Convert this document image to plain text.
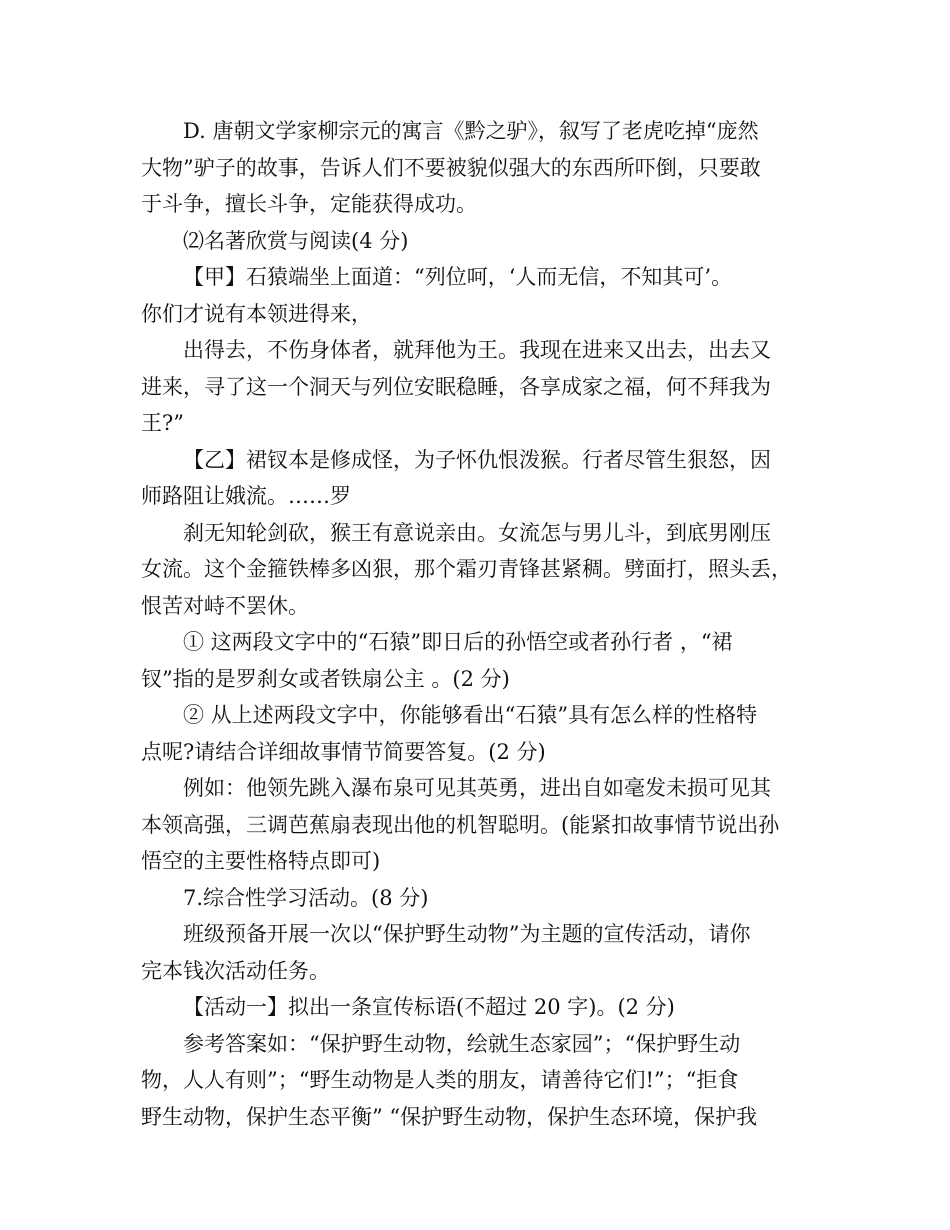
D. 唐朝文学家柳宗元的寓言《黔之驴》，叙写了老虎吃掉“庞然
大物”驴子的故事，告诉人们不要被貌似强大的东西所吓倒，只要敢
于斗争，擅长斗争，定能获得成功。
⑵名著欣赏与阅读(4 分)
【甲】石猿端坐上面道：“列位呵，‘人而无信，不知其可’。
你们才说有本领进得来，
出得去，不伤身体者，就拜他为王。我现在进来又出去，出去又
进来，寻了这一个洞天与列位安眠稳睡，各享成家之福，何不拜我为
王?”
【乙】裙钗本是修成怪，为子怀仇恨泼猴。行者尽管生狠怒，因
师路阻让娥流。……罗
刹无知轮剑砍，猴王有意说亲由。女流怎与男儿斗，到底男刚压
女流。这个金箍铁棒多凶狠，那个霜刃青锋甚紧稠。劈面打，照头丢，
恨苦对峙不罢休。
① 这两段文字中的“石猿”即日后的孙悟空或者孙行者 ，“裙
钗”指的是罗刹女或者铁扇公主 。(2 分)
② 从上述两段文字中，你能够看出“石猿”具有怎么样的性格特
点呢?请结合详细故事情节简要答复。(2 分)
例如：他领先跳入瀑布泉可见其英勇，进出自如毫发未损可见其
本领高强，三调芭蕉扇表现出他的机智聪明。(能紧扣故事情节说出孙
悟空的主要性格特点即可)
7.综合性学习活动。(8 分)
班级预备开展一次以“保护野生动物”为主题的宣传活动，请你
完本钱次活动任务。
【活动一】拟出一条宣传标语(不超过 20 字)。(2 分)
参考答案如：“保护野生动物，绘就生态家园”；“保护野生动
物，人人有则”；“野生动物是人类的朋友，请善待它们!”；“拒食
野生动物，保护生态平衡” “保护野生动物，保护生态环境，保护我
